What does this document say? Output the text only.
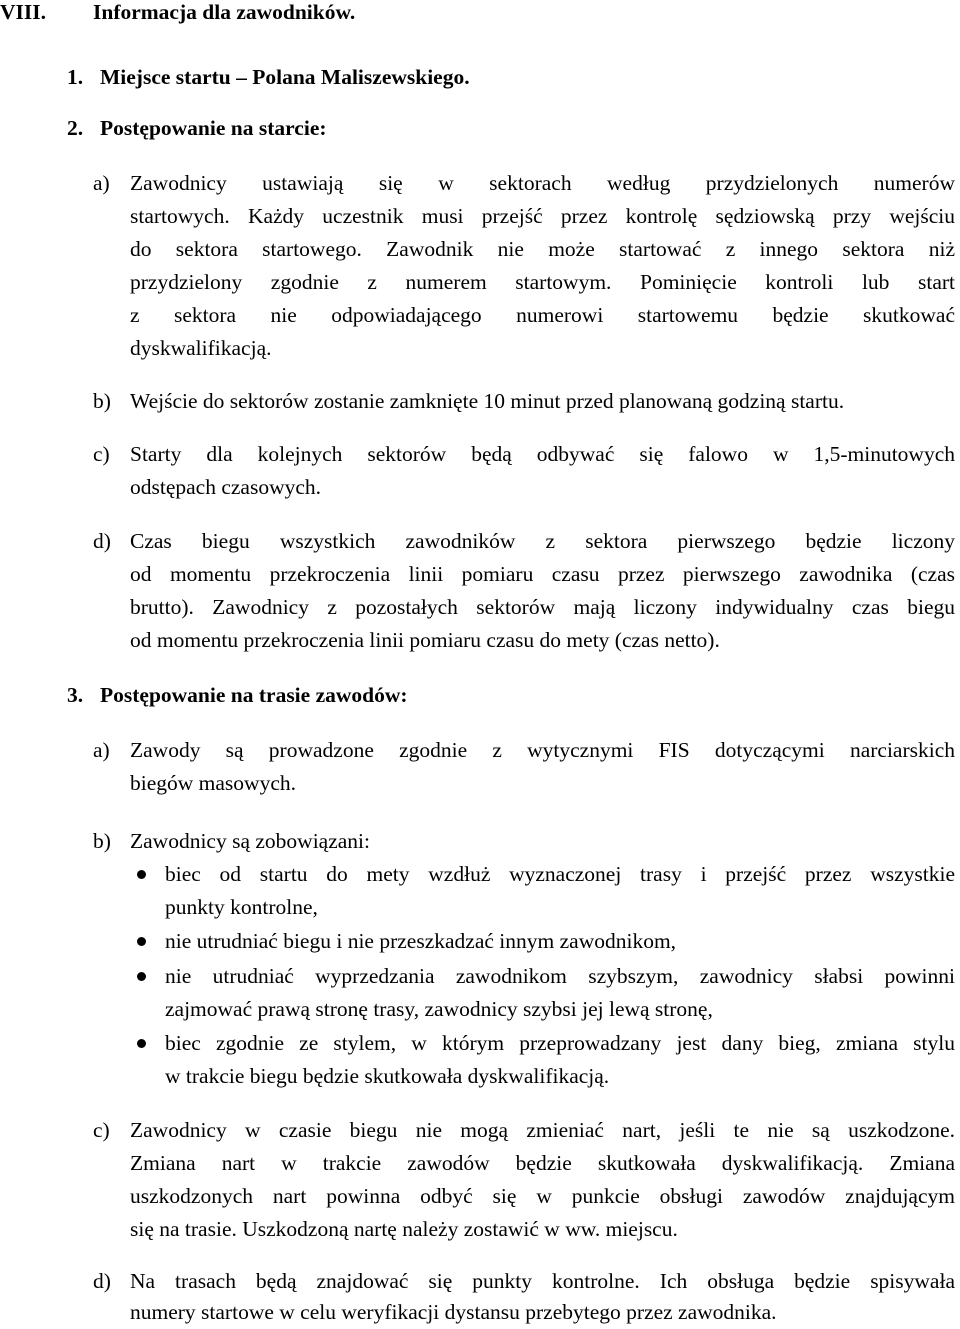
VIII. Informacja dla zawodników.
1. Miejsce startu – Polana Maliszewskiego.
2. Postępowanie na starcie:
a) Zawodnicy ustawiają się w sektorach według przydzielonych numerów
startowych. Każdy uczestnik musi przejść przez kontrolę sędziowską przy wejściu
do sektora startowego. Zawodnik nie może startować z innego sektora niż
przydzielony zgodnie z numerem startowym. Pominięcie kontroli lub start
z sektora nie odpowiadającego numerowi startowemu będzie skutkować
dyskwalifikacją.
b) Wejście do sektorów zostanie zamknięte 10 minut przed planowaną godziną startu.
c) Starty dla kolejnych sektorów będą odbywać się falowo w 1,5-minutowych
odstępach czasowych.
d) Czas biegu wszystkich zawodników z sektora pierwszego będzie liczony
od momentu przekroczenia linii pomiaru czasu przez pierwszego zawodnika (czas
brutto). Zawodnicy z pozostałych sektorów mają liczony indywidualny czas biegu
od momentu przekroczenia linii pomiaru czasu do mety (czas netto).
3. Postępowanie na trasie zawodów:
a) Zawody są prowadzone zgodnie z wytycznymi FIS dotyczącymi narciarskich
biegów masowych.
b) Zawodnicy są zobowiązani:
biec od startu do mety wzdłuż wyznaczonej trasy i przejść przez wszystkie
punkty kontrolne,
nie utrudniać biegu i nie przeszkadzać innym zawodnikom,
nie utrudniać wyprzedzania zawodnikom szybszym, zawodnicy słabsi powinni
zajmować prawą stronę trasy, zawodnicy szybsi jej lewą stronę,
biec zgodnie ze stylem, w którym przeprowadzany jest dany bieg, zmiana stylu
w trakcie biegu będzie skutkowała dyskwalifikacją.
c) Zawodnicy w czasie biegu nie mogą zmieniać nart, jeśli te nie są uszkodzone.
Zmiana nart w trakcie zawodów będzie skutkowała dyskwalifikacją. Zmiana
uszkodzonych nart powinna odbyć się w punkcie obsługi zawodów znajdującym
się na trasie. Uszkodzoną nartę należy zostawić w ww. miejscu.
d) Na trasach będą znajdować się punkty kontrolne. Ich obsługa będzie spisywała
numery startowe w celu weryfikacji dystansu przebytego przez zawodnika.
